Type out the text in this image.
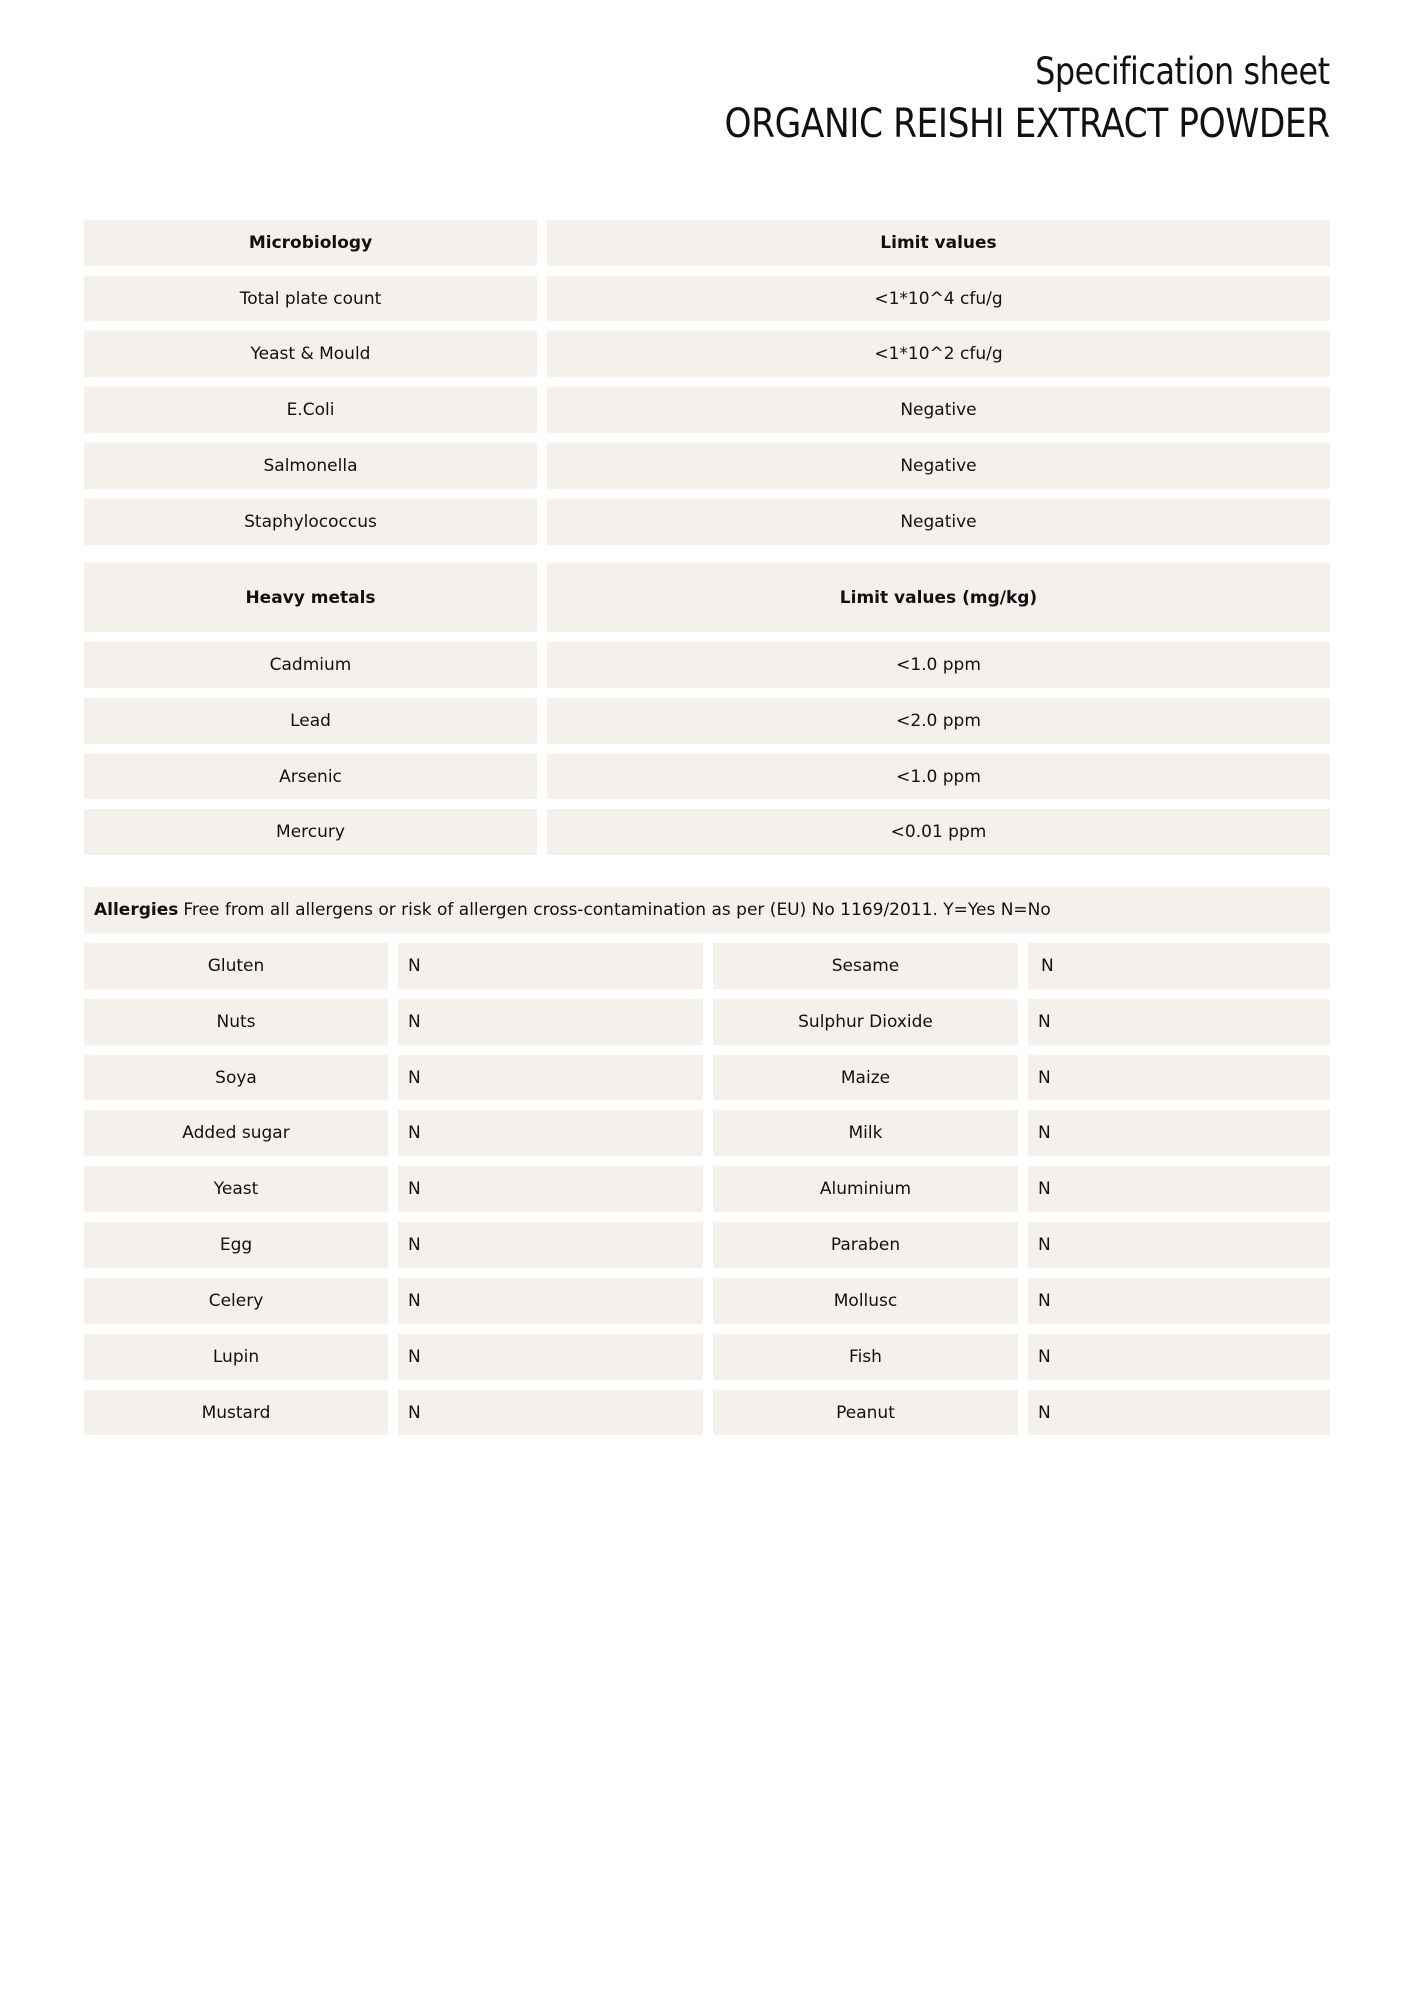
Specification sheet
ORGANIC REISHI EXTRACT POWDER
Microbiology	Limit values
Total plate count	<1*10^4 cfu/g
Yeast & Mould	<1*10^2 cfu/g
E.Coli	Negative
Salmonella	Negative
Staphylococcus	Negative
Heavy metals	Limit values (mg/kg)
Cadmium	<1.0 ppm
Lead	<2.0 ppm
Arsenic	<1.0 ppm
Mercury	<0.01 ppm
Allergies Free from all allergens or risk of allergen cross-contamination as per (EU) No 1169/2011. Y=Yes N=No
Gluten	N	Sesame	N
Nuts	N	Sulphur Dioxide	N
Soya	N	Maize	N
Added sugar	N	Milk	N
Yeast	N	Aluminium	N
Egg	N	Paraben	N
Celery	N	Mollusc	N
Lupin	N	Fish	N
Mustard	N	Peanut	N
